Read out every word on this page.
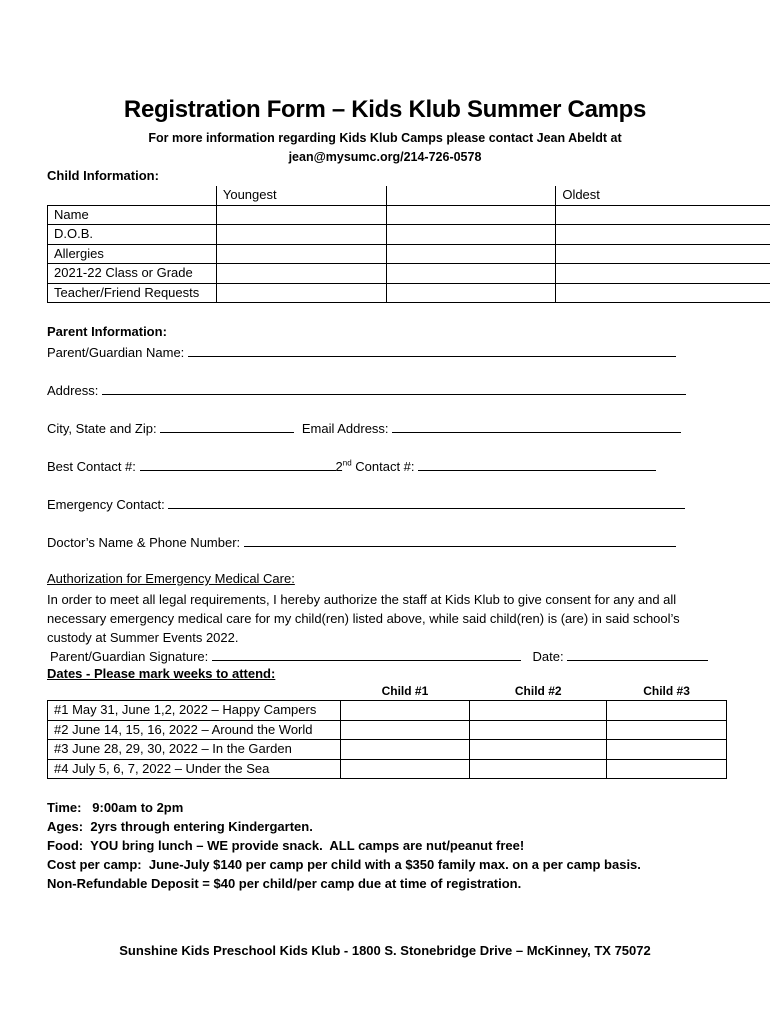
Registration Form – Kids Klub Summer Camps
For more information regarding Kids Klub Camps please contact Jean Abeldt at
jean@mysumc.org/214-726-0578
Child Information:
	Youngest		Oldest
Name			
D.O.B.			
Allergies			
2021-22 Class or Grade			
Teacher/Friend Requests			
Parent Information:
Parent/Guardian Name:
Address:
City, State and Zip:	Email Address:
Best Contact #:	2nd Contact #:
Emergency Contact:
Doctor’s Name & Phone Number:
Authorization for Emergency Medical Care:
In order to meet all legal requirements, I hereby authorize the staff at Kids Klub to give consent for any and all necessary emergency medical care for my child(ren) listed above, while said child(ren) is (are) in said school’s custody at Summer Events 2022.
Parent/Guardian Signature:	Date:
Dates - Please mark weeks to attend:
	Child #1	Child #2	Child #3
#1 May 31, June 1,2, 2022 – Happy Campers			
#2 June 14, 15, 16, 2022 – Around the World			
#3 June 28, 29, 30, 2022 – In the Garden			
#4 July 5, 6, 7, 2022 – Under the Sea			
Time:   9:00am to 2pm
Ages:  2yrs through entering Kindergarten.
Food:  YOU bring lunch – WE provide snack.  ALL camps are nut/peanut free!
Cost per camp:  June-July $140 per camp per child with a $350 family max. on a per camp basis.
Non-Refundable Deposit = $40 per child/per camp due at time of registration.
Sunshine Kids Preschool Kids Klub - 1800 S. Stonebridge Drive – McKinney, TX 75072
